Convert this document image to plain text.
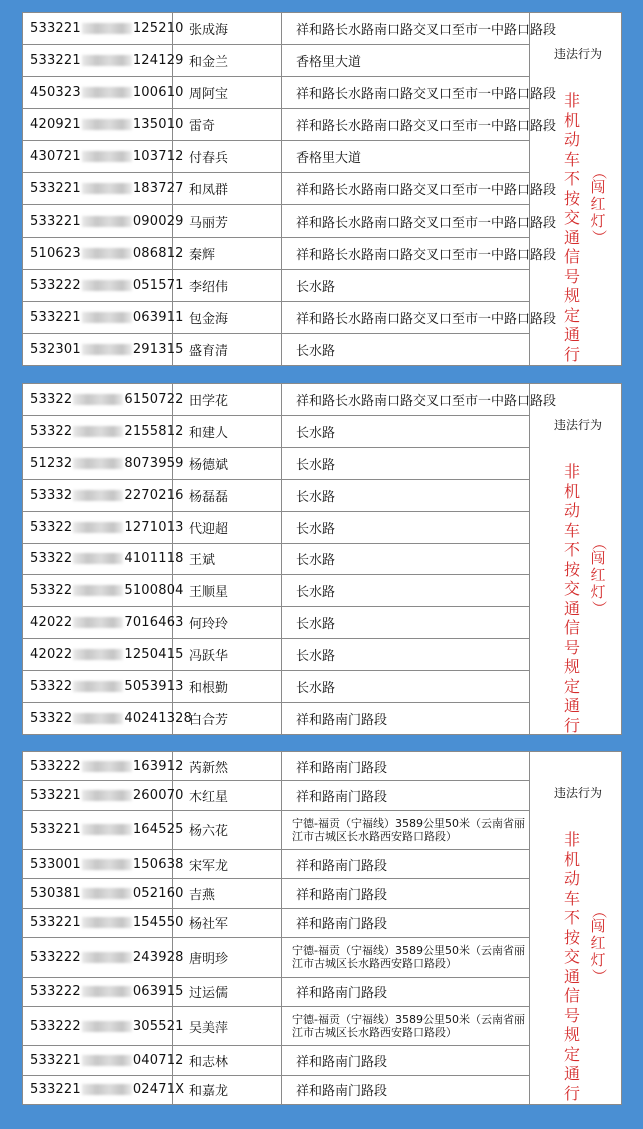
533221 125210	张成海	祥和路长水路南口路交叉口至市一中路口路段
533221 124129	和金兰	香格里大道
450323 100610	周阿宝	祥和路长水路南口路交叉口至市一中路口路段
420921 135010	雷奇	祥和路长水路南口路交叉口至市一中路口路段
430721 103712	付春兵	香格里大道
533221 183727	和凤群	祥和路长水路南口路交叉口至市一中路口路段
533221 090029	马丽芳	祥和路长水路南口路交叉口至市一中路口路段
510623 086812	秦辉	祥和路长水路南口路交叉口至市一中路口路段
533222 051571	李绍伟	长水路
533221 063911	包金海	祥和路长水路南口路交叉口至市一中路口路段
532301 291315	盛育清	长水路
违法行为
非机动车不按交通信号规定通行
（
闯
红
灯
）
53322 6150722	田学花	祥和路长水路南口路交叉口至市一中路口路段
53322 2155812	和建人	长水路
51232 8073959	杨德斌	长水路
53332 2270216	杨磊磊	长水路
53322 1271013	代迎超	长水路
53322 4101118	王斌	长水路
53322 5100804	王顺星	长水路
42022 7016463	何玲玲	长水路
42022 1250415	冯跃华	长水路
53322 5053913	和根勤	长水路
53322 40241328	白合芳	祥和路南门路段
违法行为
非机动车不按交通信号规定通行
（
闯
红
灯
）
533222 163912	芮新然	祥和路南门路段
533221 260070	木红星	祥和路南门路段
533221 164525	杨六花	宁德-福贡（宁福线）3589公里50米（云南省丽江市古城区长水路西安路口路段）
533001 150638	宋军龙	祥和路南门路段
530381 052160	吉燕	祥和路南门路段
533221 154550	杨社军	祥和路南门路段
533222 243928	唐明珍	宁德-福贡（宁福线）3589公里50米（云南省丽江市古城区长水路西安路口路段）
533222 063915	过运儒	祥和路南门路段
533222 305521	吴美萍	宁德-福贡（宁福线）3589公里50米（云南省丽江市古城区长水路西安路口路段）
533221 040712	和志林	祥和路南门路段
533221 02471X	和嘉龙	祥和路南门路段
违法行为
非机动车不按交通信号规定通行
（
闯
红
灯
）
